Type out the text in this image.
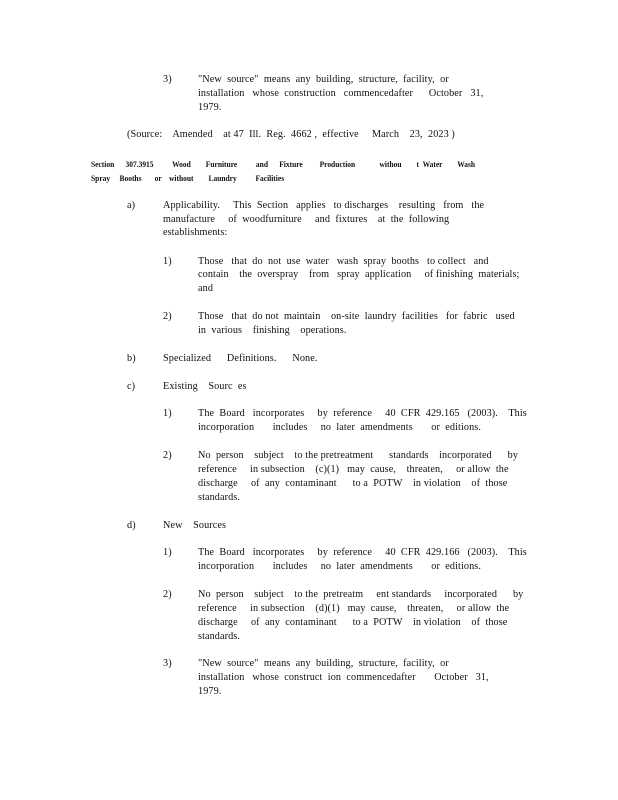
3)	"New  source"  means  any  building,  structure,  facility,  or
installation   whose  construction   commencedafter      October   31,
1979.
(Source:    Amended    at 47  Ill.  Reg.  4662 ,  effective     March    23,  2023 )
Section      307.3915          Wood        Furniture          and      Fixture         Production             withou        t  Water        Wash
Spray     Booths       or    without        Laundry          Facilities
a)	Applicability.     This  Section   applies   to discharges    resulting   from   the
manufacture     of  woodfurniture     and  fixtures    at  the  following
establishments:
1)	Those   that  do  not  use  water   wash  spray  booths   to collect   and
contain    the  overspray    from   spray  application     of finishing  materials;
and
2)	Those   that  do not  maintain    on-site  laundry  facilities   for  fabric   used
in  various    finishing    operations.
b)	Specialized      Definitions.      None.
c)	Existing    Sourc  es
1)	The  Board   incorporates     by  reference     40  CFR  429.165   (2003).    This
incorporation       includes     no  later  amendments       or  editions.
2)	No  person    subject    to the pretreatment      standards    incorporated      by
reference     in subsection    (c)(1)   may  cause,    threaten,     or allow  the
discharge     of  any  contaminant      to a  POTW    in violation    of  those
standards.
d)	New    Sources
1)	The  Board   incorporates     by  reference     40  CFR  429.166   (2003).    This
incorporation       includes     no  later  amendments       or  editions.
2)	No  person    subject    to the  pretreatm     ent standards     incorporated      by
reference     in subsection    (d)(1)   may  cause,    threaten,     or allow  the
discharge     of  any  contaminant      to a  POTW    in violation    of  those
standards.
3)	"New  source"  means  any  building,  structure,  facility,  or
installation   whose  construct  ion  commencedafter       October   31,
1979.
